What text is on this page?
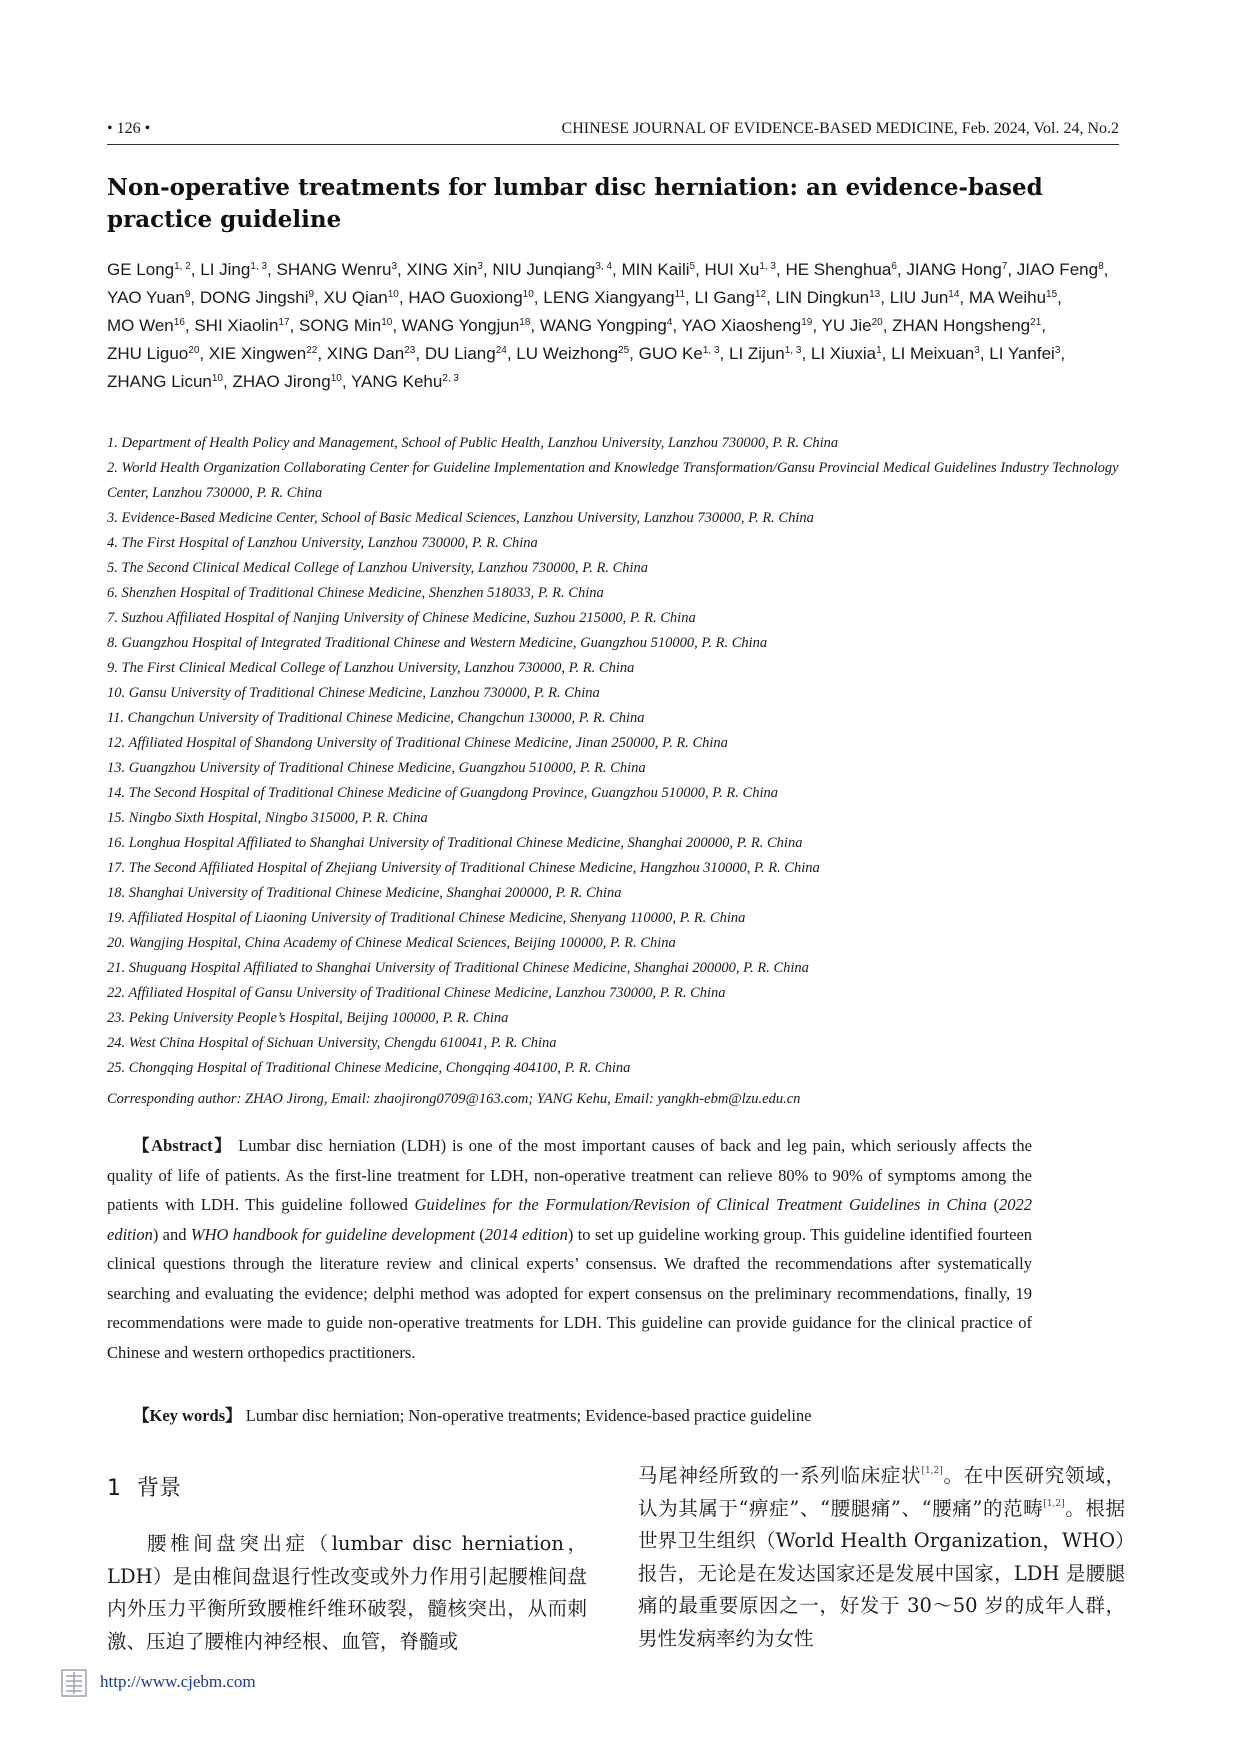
• 126 •	CHINESE JOURNAL OF EVIDENCE-BASED MEDICINE, Feb. 2024, Vol. 24, No.2
Non-operative treatments for lumbar disc herniation: an evidence-based practice guideline

GE Long$^{1, 2}$, LI Jing$^{1, 3}$, SHANG Wenru$^3$, XING Xin$^3$, NIU Junqiang$^{3, 4}$, MIN Kaili$^5$, HUI Xu$^{1, 3}$, HE Shenghua$^6$, JIANG Hong$^7$, JIAO Feng$^8$, YAO Yuan$^9$, DONG Jingshi$^9$, XU Qian$^{10}$, HAO Guoxiong$^{10}$, LENG Xiangyang$^{11}$, LI Gang$^{12}$, LIN Dingkun$^{13}$, LIU Jun$^{14}$, MA Weihu$^{15}$, MO Wen$^{16}$, SHI Xiaolin$^{17}$, SONG Min$^{10}$, WANG Yongjun$^{18}$, WANG Yongping$^4$, YAO Xiaosheng$^{19}$, YU Jie$^{20}$, ZHAN Hongsheng$^{21}$, ZHU Liguo$^{20}$, XIE Xingwen$^{22}$, XING Dan$^{23}$, DU Liang$^{24}$, LU Weizhong$^{25}$, GUO Ke$^{1, 3}$, LI Zijun$^{1, 3}$, LI Xiuxia$^1$, LI Meixuan$^3$, LI Yanfei$^3$, ZHANG Licun$^{10}$, ZHAO Jirong$^{10}$, YANG Kehu$^{2, 3}$

1. Department of Health Policy and Management, School of Public Health, Lanzhou University, Lanzhou 730000, P. R. China
2. World Health Organization Collaborating Center for Guideline Implementation and Knowledge Transformation/Gansu Provincial Medical Guidelines Industry Technology Center, Lanzhou 730000, P. R. China
3. Evidence-Based Medicine Center, School of Basic Medical Sciences, Lanzhou University, Lanzhou 730000, P. R. China
4. The First Hospital of Lanzhou University, Lanzhou 730000, P. R. China
5. The Second Clinical Medical College of Lanzhou University, Lanzhou 730000, P. R. China
6. Shenzhen Hospital of Traditional Chinese Medicine, Shenzhen 518033, P. R. China
7. Suzhou Affiliated Hospital of Nanjing University of Chinese Medicine, Suzhou 215000, P. R. China
8. Guangzhou Hospital of Integrated Traditional Chinese and Western Medicine, Guangzhou 510000, P. R. China
9. The First Clinical Medical College of Lanzhou University, Lanzhou 730000, P. R. China
10. Gansu University of Traditional Chinese Medicine, Lanzhou 730000, P. R. China
11. Changchun University of Traditional Chinese Medicine, Changchun 130000, P. R. China
12. Affiliated Hospital of Shandong University of Traditional Chinese Medicine, Jinan 250000, P. R. China
13. Guangzhou University of Traditional Chinese Medicine, Guangzhou 510000, P. R. China
14. The Second Hospital of Traditional Chinese Medicine of Guangdong Province, Guangzhou 510000, P. R. China
15. Ningbo Sixth Hospital, Ningbo 315000, P. R. China
16. Longhua Hospital Affiliated to Shanghai University of Traditional Chinese Medicine, Shanghai 200000, P. R. China
17. The Second Affiliated Hospital of Zhejiang University of Traditional Chinese Medicine, Hangzhou 310000, P. R. China
18. Shanghai University of Traditional Chinese Medicine, Shanghai 200000, P. R. China
19. Affiliated Hospital of Liaoning University of Traditional Chinese Medicine, Shenyang 110000, P. R. China
20. Wangjing Hospital, China Academy of Chinese Medical Sciences, Beijing 100000, P. R. China
21. Shuguang Hospital Affiliated to Shanghai University of Traditional Chinese Medicine, Shanghai 200000, P. R. China
22. Affiliated Hospital of Gansu University of Traditional Chinese Medicine, Lanzhou 730000, P. R. China
23. Peking University People’s Hospital, Beijing 100000, P. R. China
24. West China Hospital of Sichuan University, Chengdu 610041, P. R. China
25. Chongqing Hospital of Traditional Chinese Medicine, Chongqing 404100, P. R. China

Corresponding author: ZHAO Jirong, Email: zhaojirong0709@163.com; YANG Kehu, Email: yangkh-ebm@lzu.edu.cn

【Abstract】 Lumbar disc herniation (LDH) is one of the most important causes of back and leg pain, which seriously affects the quality of life of patients. As the first-line treatment for LDH, non-operative treatment can relieve 80% to 90% of symptoms among the patients with LDH. This guideline followed Guidelines for the Formulation/Revision of Clinical Treatment Guidelines in China (2022 edition) and WHO handbook for guideline development (2014 edition) to set up guideline working group. This guideline identified fourteen clinical questions through the literature review and clinical experts’ consensus. We drafted the recommendations after systematically searching and evaluating the evidence; delphi method was adopted for expert consensus on the preliminary recommendations, finally, 19 recommendations were made to guide non-operative treatments for LDH. This guideline can provide guidance for the clinical practice of Chinese and western orthopedics practitioners.

【Key words】 Lumbar disc herniation; Non-operative treatments; Evidence-based practice guideline

1 背景

腰椎间盘突出症（lumbar disc herniation，LDH）是由椎间盘退行性改变或外力作用引起腰椎间盘内外压力平衡所致腰椎纤维环破裂，髓核突出，从而刺激、压迫了腰椎内神经根、血管，脊髓或

马尾神经所致的一系列临床症状[1,2]。在中医研究领域，认为其属于“痹症”、“腰腿痛”、“腰痛”的范畴[1,2]。根据世界卫生组织（World Health Organization，WHO）报告，无论是在发达国家还是发展中国家，LDH 是腰腿痛的最重要原因之一，好发于 30～50 岁的成年人群，男性发病率约为女性

http://www.cjebm.com
